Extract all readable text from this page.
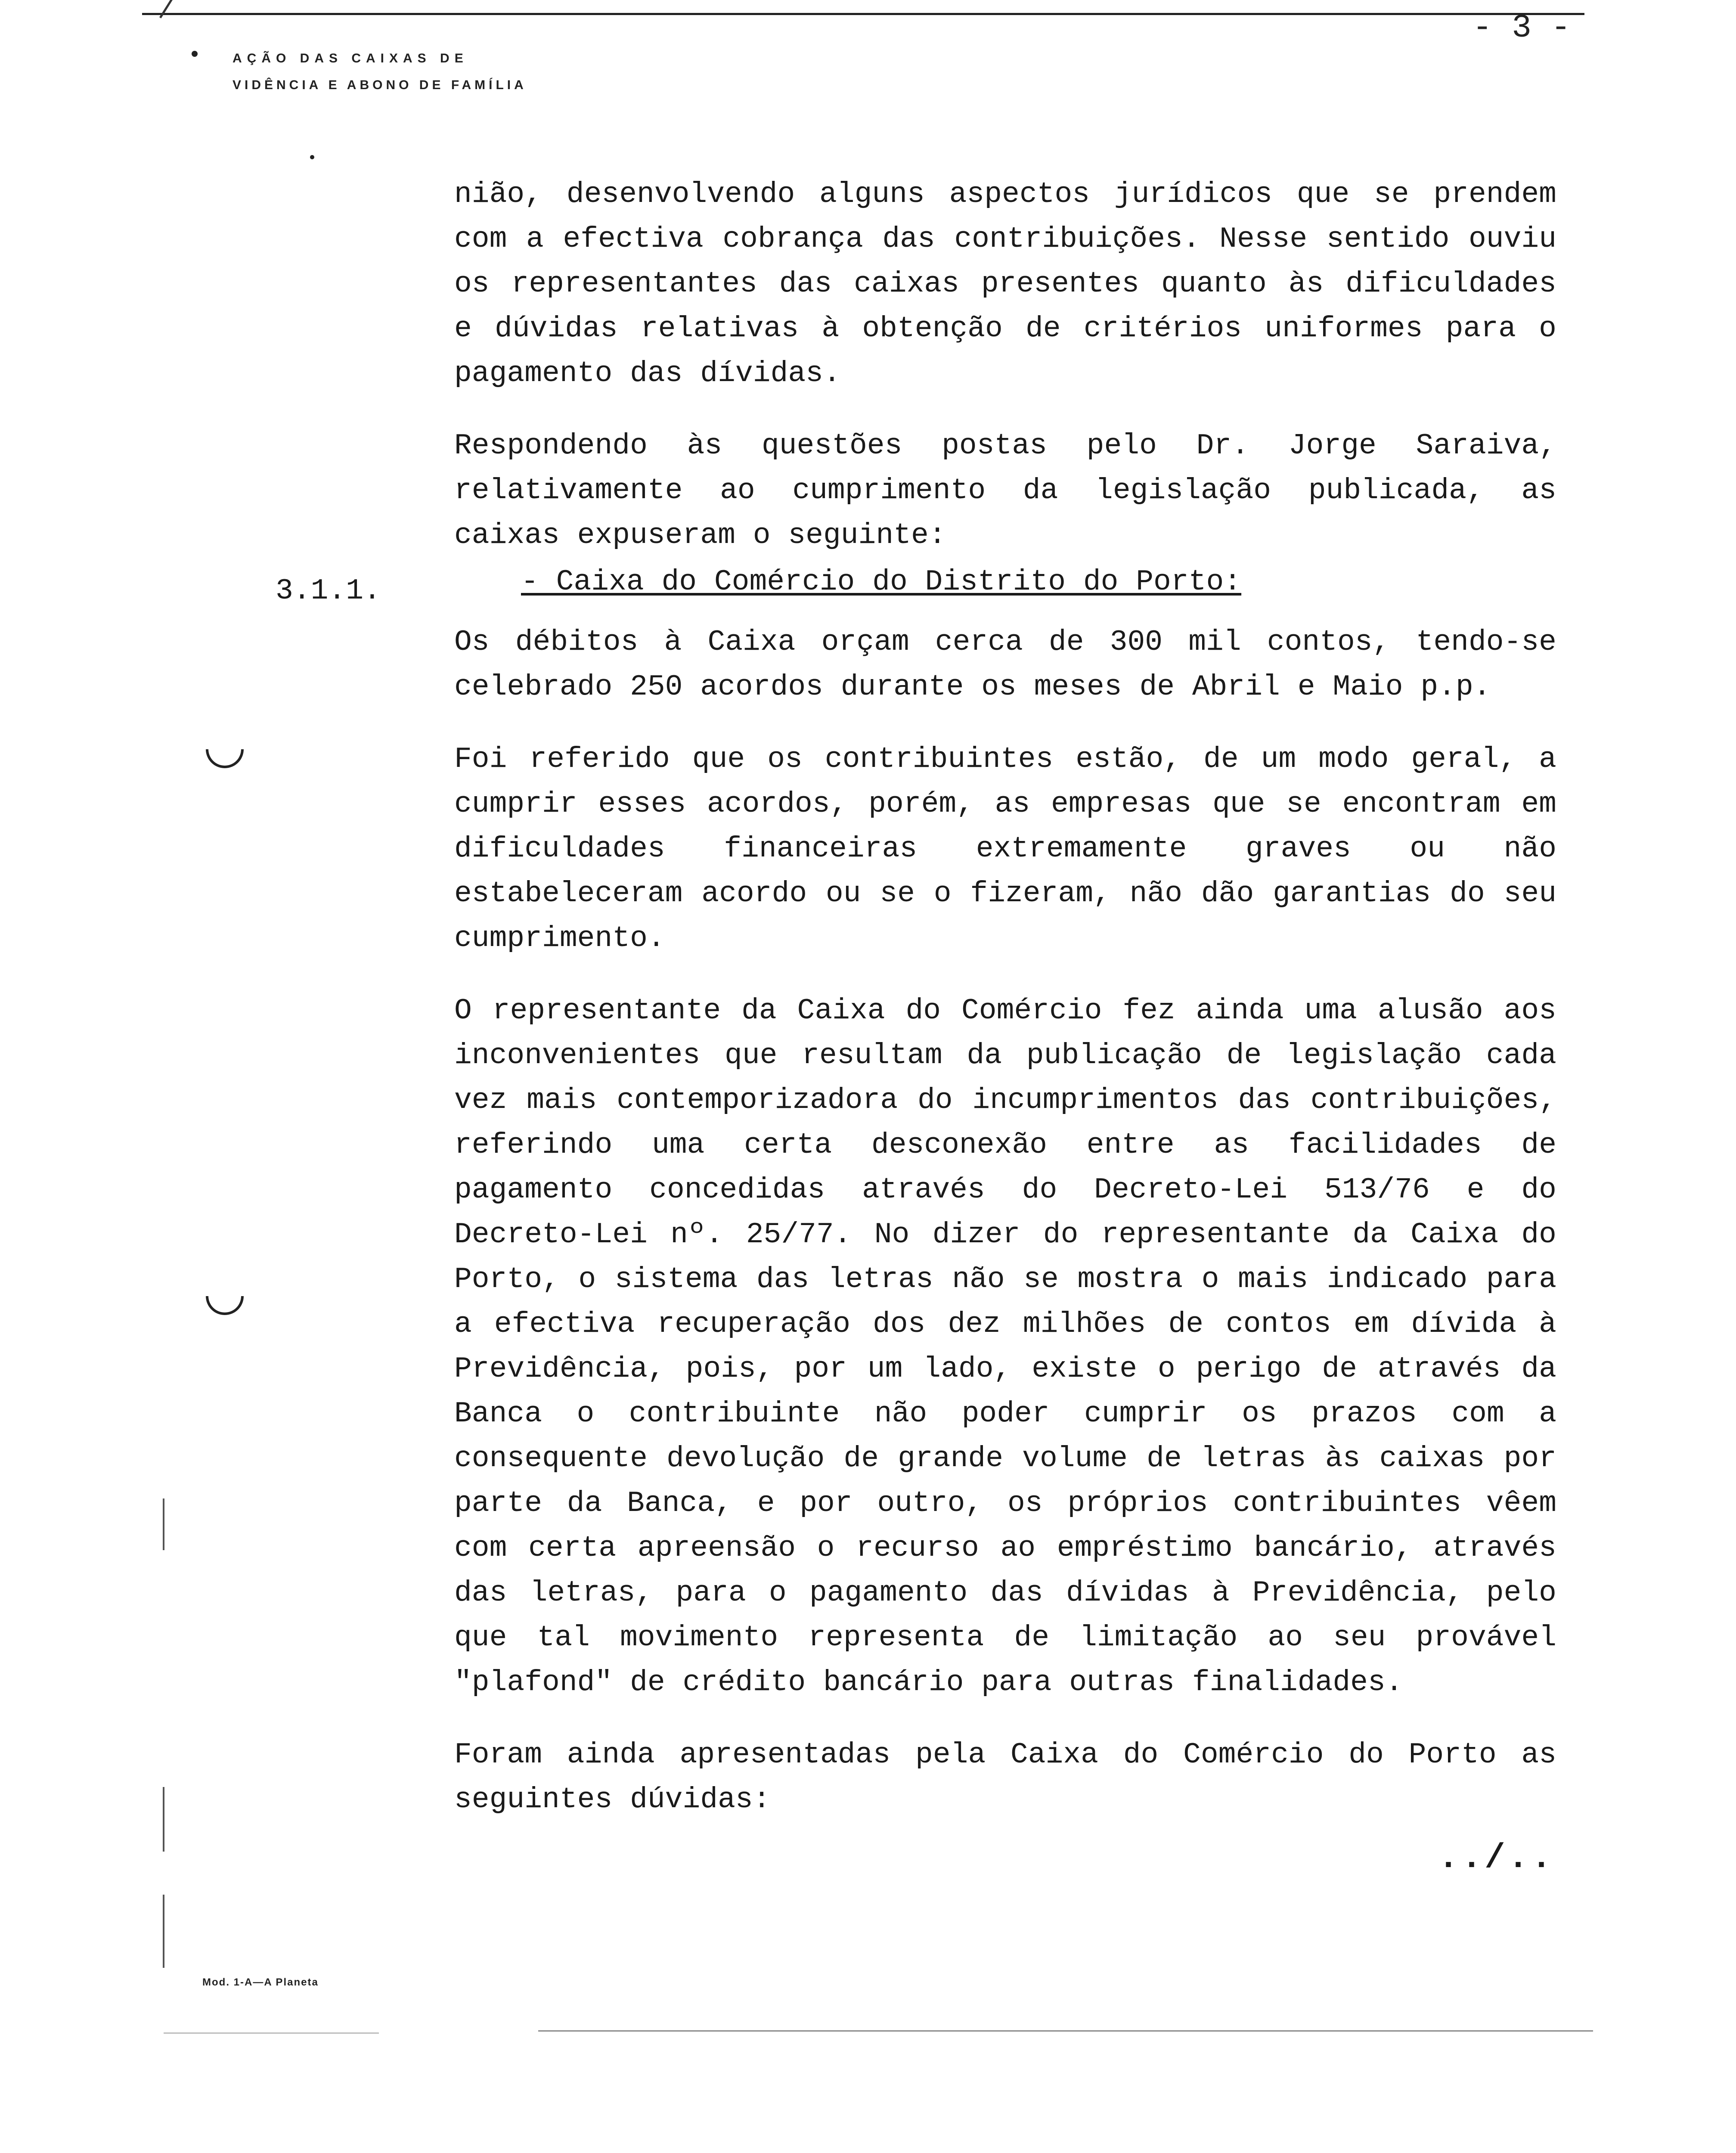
AÇÃO DAS CAIXAS DE
VIDÊNCIA E ABONO DE FAMÍLIA
- 3 -

nião, desenvolvendo alguns aspectos jurídicos que se prendem com a efectiva cobrança das contribuições. Nesse sentido ouviu os representantes das caixas presentes quanto às dificuldades e dúvidas relativas à obtenção de critérios uniformes para o pagamento das dívidas.

Respondendo às questões postas pelo Dr. Jorge Saraiva, relativamente ao cumprimento da legislação publicada, as caixas expuseram o seguinte:

3.1.1.	- Caixa do Comércio do Distrito do Porto:

Os débitos à Caixa orçam cerca de 300 mil contos, tendo-se celebrado 250 acordos durante os meses de Abril e Maio p.p.

Foi referido que os contribuintes estão, de um modo geral, a cumprir esses acordos, porém, as empresas que se encontram em dificuldades financeiras extremamente graves ou não estabeleceram acordo ou se o fizeram, não dão garantias do seu cumprimento.

O representante da Caixa do Comércio fez ainda uma alusão aos inconvenientes que resultam da publicação de legislação cada vez mais contemporizadora do incumprimentos das contribuições, referindo uma certa desconexão entre as facilidades de pagamento concedidas através do Decreto-Lei 513/76 e do Decreto-Lei nº. 25/77. No dizer do representante da Caixa do Porto, o sistema das letras não se mostra o mais indicado para a efectiva recuperação dos dez milhões de contos em dívida à Previdência, pois, por um lado, existe o perigo de através da Banca o contribuinte não poder cumprir os prazos com a consequente devolução de grande volume de letras às caixas por parte da Banca, e por outro, os próprios contribuintes vêem com certa apreensão o recurso ao empréstimo bancário, através das letras, para o pagamento das dívidas à Previdência, pelo que tal movimento representa de limitação ao seu provável "plafond" de crédito bancário para outras finalidades.

Foram ainda apresentadas pela Caixa do Comércio do Porto as seguintes dúvidas:

../..
Mod. 1-A—A Planeta
